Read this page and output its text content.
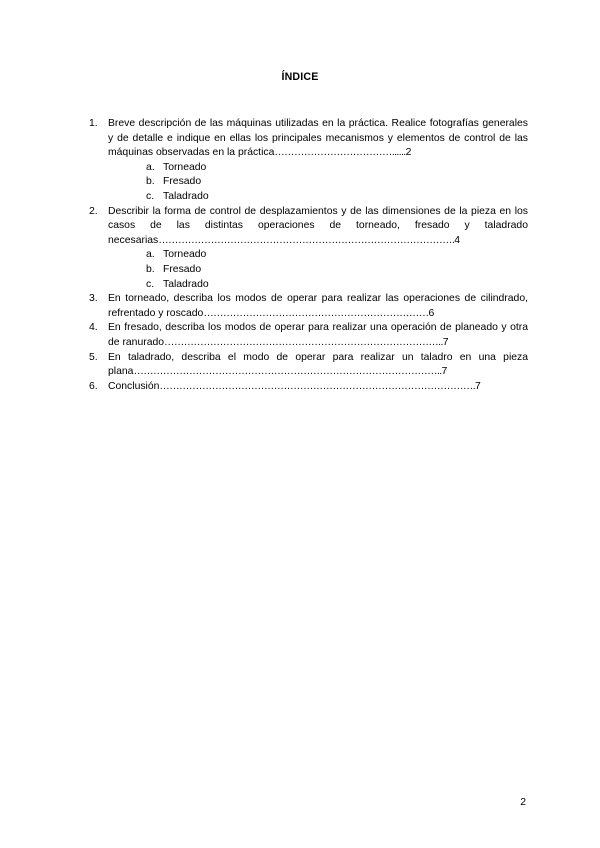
ÍNDICE
1. Breve descripción de las máquinas utilizadas en la práctica. Realice fotografías generales y de detalle e indique en ellas los principales mecanismos y elementos de control de las máquinas observadas en la práctica………………………………......2
a. Torneado
b. Fresado
c. Taladrado
2. Describir la forma de control de desplazamientos y de las dimensiones de la pieza en los casos de las distintas operaciones de torneado, fresado y taladrado necesarias……………………………………………………………………………….4
a. Torneado
b. Fresado
c. Taladrado
3. En torneado, describa los modos de operar para realizar las operaciones de cilindrado, refrentado y roscado……………………………………………………………6
4. En fresado, describa los modos de operar para realizar una operación de planeado y otra de ranurado…………………………………………………………………………..7
5. En taladrado, describa el modo de operar para realizar un taladro en una pieza plana…………………………………………………………………………………..7
6. Conclusión…………………………………………………………………………………….7
2
